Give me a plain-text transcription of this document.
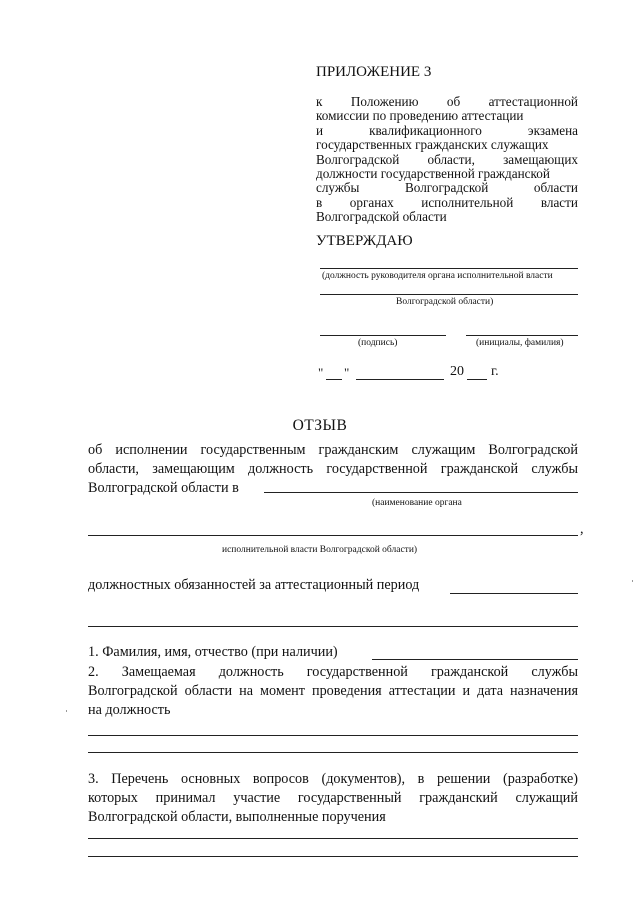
ПРИЛОЖЕНИЕ 3
к Положению об аттестационной
комиссии по проведению аттестации
и квалификационного экзамена
государственных гражданских служащих
Волгоградской области, замещающих
должности государственной гражданской
службы Волгоградской области
в органах исполнительной власти
Волгоградской области
УТВЕРЖДАЮ
(должность руководителя органа исполнительной власти
Волгоградской области)
(подпись)	(инициалы, фамилия)
" "	20 г.
ОТЗЫВ
об исполнении государственным гражданским служащим Волгоградской
области, замещающим должность государственной гражданской службы
Волгоградской области в
(наименование органа
,
исполнительной власти Волгоградской области)
должностных обязанностей за аттестационный период
1. Фамилия, имя, отчество (при наличии)
2. Замещаемая должность государственной гражданской службы
Волгоградской области на момент проведения аттестации и дата назначения
на должность
3. Перечень основных вопросов (документов), в решении (разработке)
которых принимал участие государственный гражданский служащий
Волгоградской области, выполненные поручения
